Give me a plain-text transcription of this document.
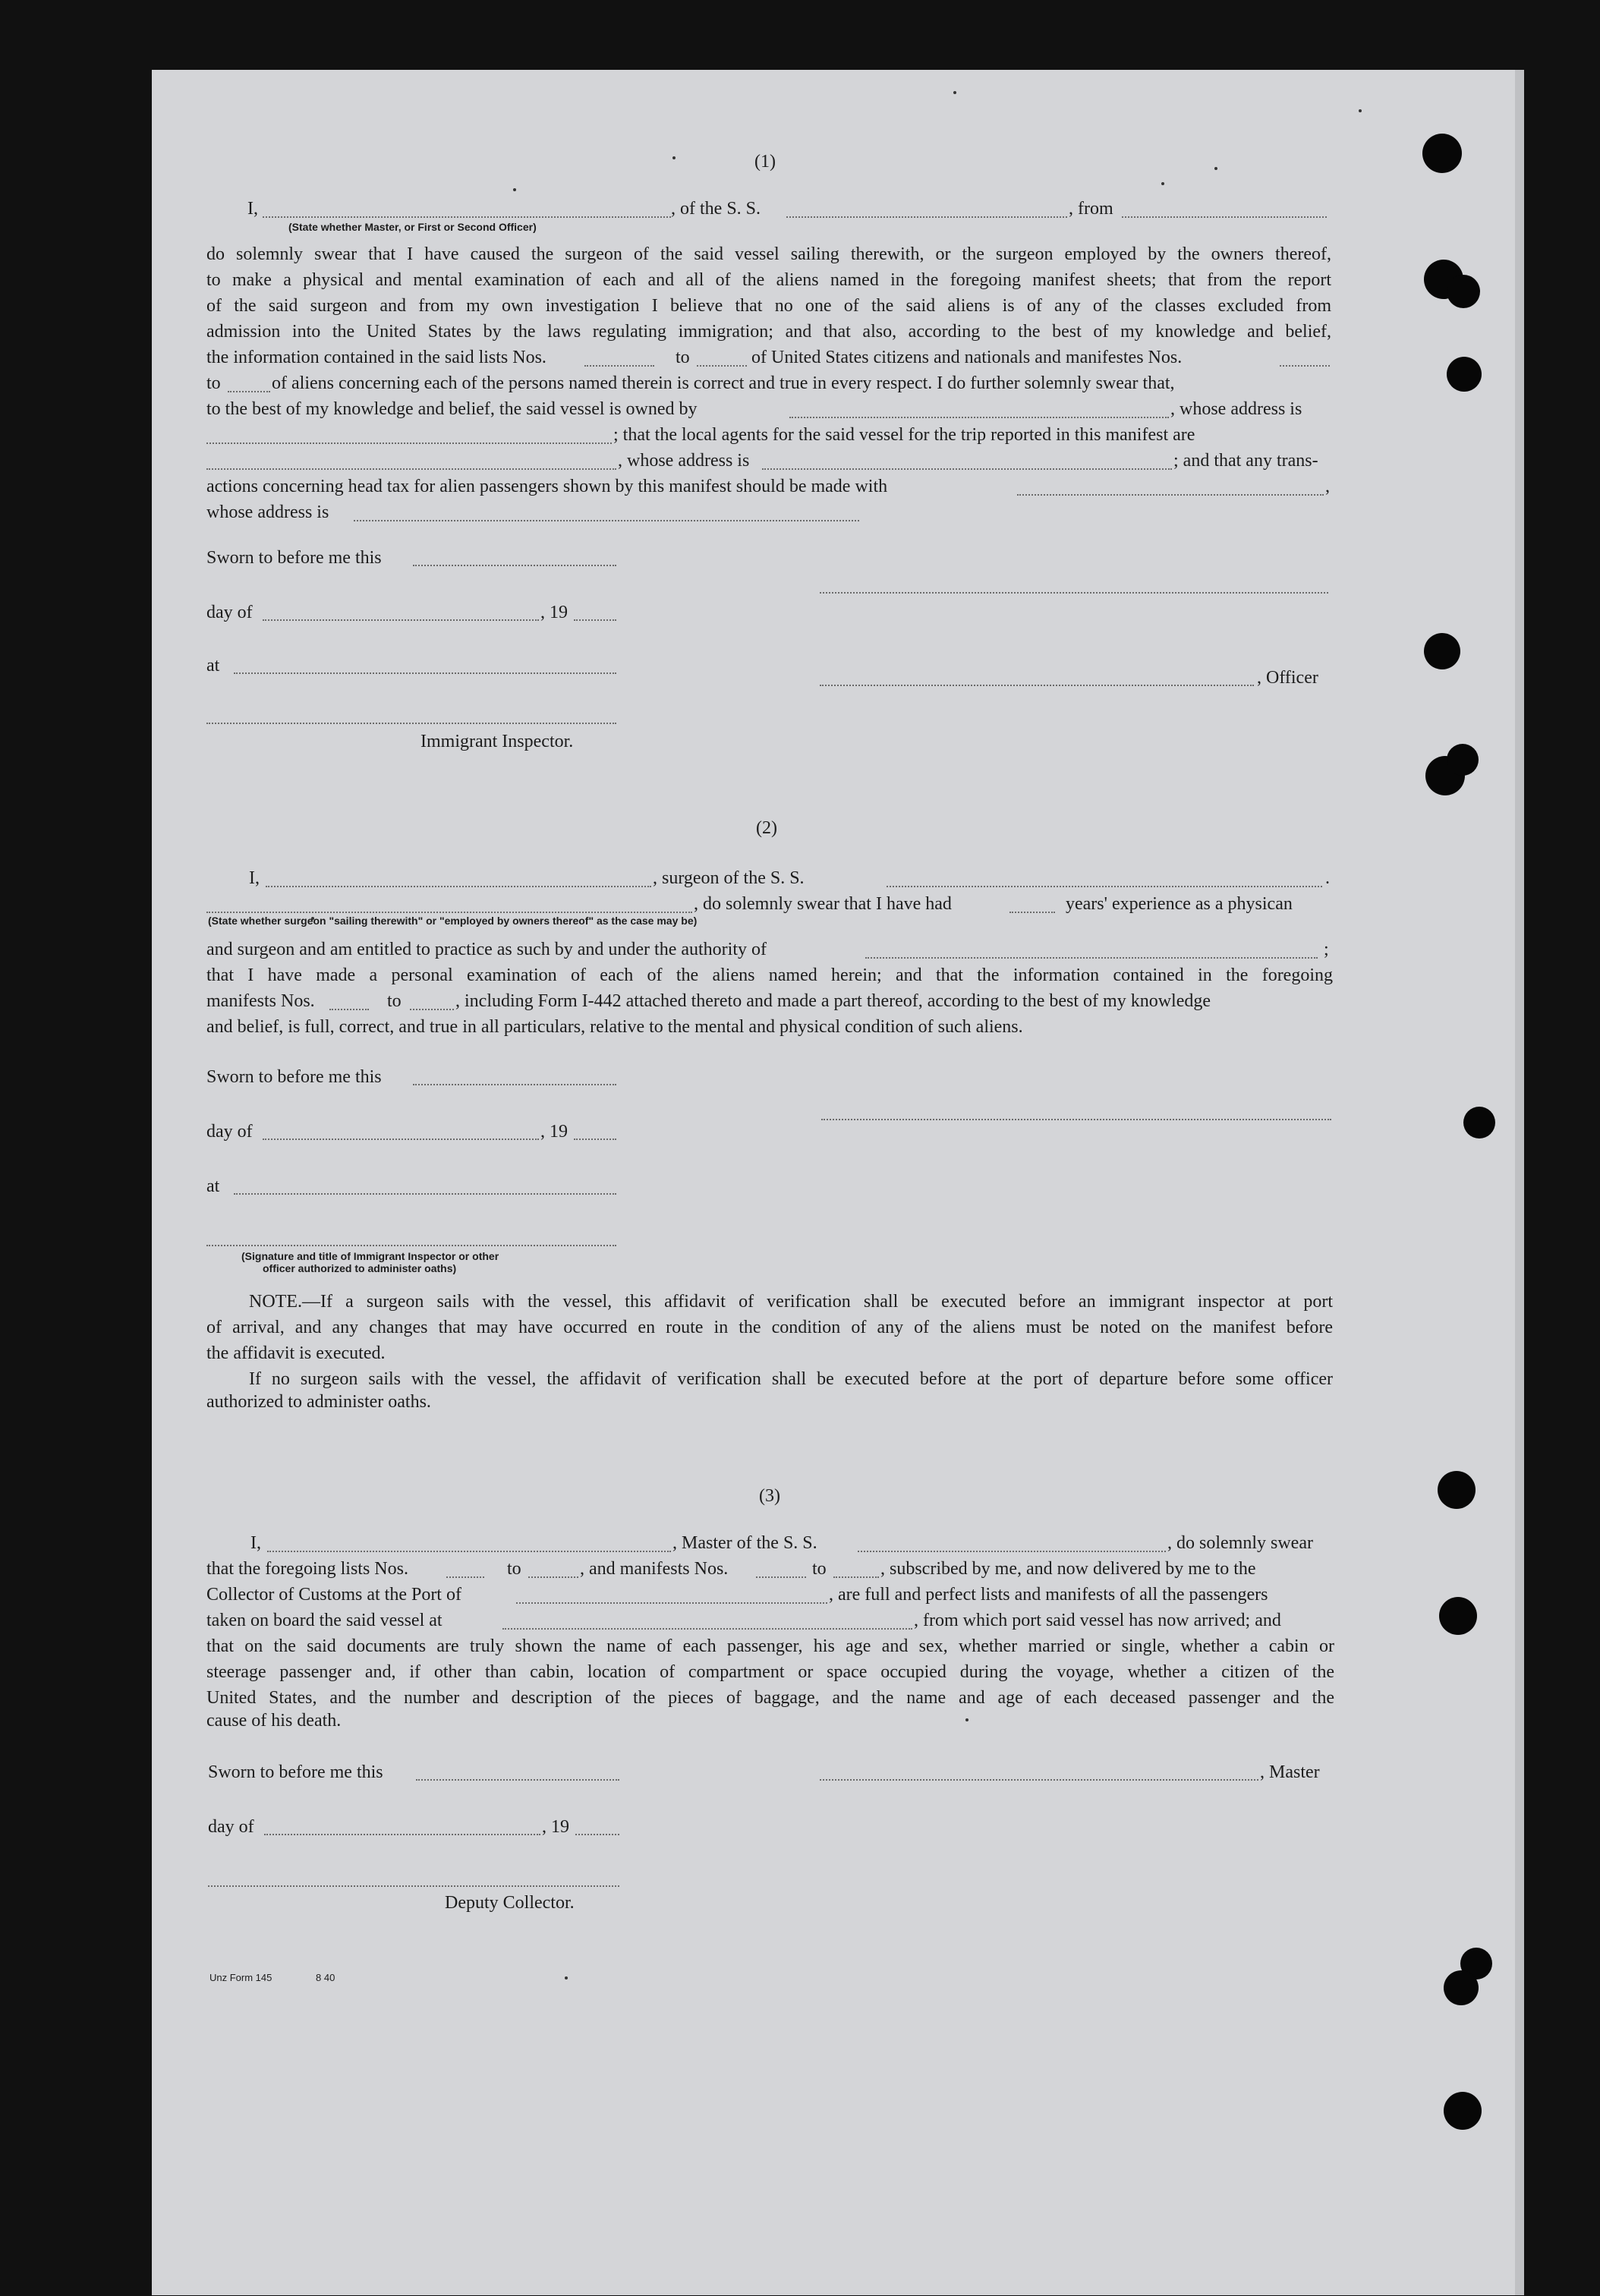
(1)
I,	, of the S. S.	, from
(State whether Master, or First or Second Officer)
do solemnly swear that I have caused the surgeon of the said vessel sailing therewith, or the surgeon employed by the owners thereof,
to make a physical and mental examination of each and all of the aliens named in the foregoing manifest sheets; that from the report
of the said surgeon and from my own investigation I believe that no one of the said aliens is of any of the classes excluded from
admission into the United States by the laws regulating immigration; and that also, according to the best of my knowledge and belief,
the information contained in the said lists Nos.	to	of United States citizens and nationals and manifestes Nos.
to	of aliens concerning each of the persons named therein is correct and true in every respect. I do further solemnly swear that,
to the best of my knowledge and belief, the said vessel is owned by	, whose address is
; that the local agents for the said vessel for the trip reported in this manifest are
, whose address is	; and that any trans-
actions concerning head tax for alien passengers shown by this manifest should be made with	,
whose address is
Sworn to before me this
day of	, 19
at
, Officer
Immigrant Inspector.
(2)
I,	, surgeon of the S. S.	.
, do solemnly swear that I have had	years' experience as a physican
(State whether surgeon "sailing therewith" or "employed by owners thereof" as the case may be)
and surgeon and am entitled to practice as such by and under the authority of	;
that I have made a personal examination of each of the aliens named herein; and that the information contained in the foregoing
manifests Nos.	to	, including Form I-442 attached thereto and made a part thereof, according to the best of my knowledge
and belief, is full, correct, and true in all particulars, relative to the mental and physical condition of such aliens.
Sworn to before me this
day of	, 19
at
(Signature and title of Immigrant Inspector or other
officer authorized to administer oaths)
NOTE.—If a surgeon sails with the vessel, this affidavit of verification shall be executed before an immigrant inspector at port
of arrival, and any changes that may have occurred en route in the condition of any of the aliens must be noted on the manifest before
the affidavit is executed.
If no surgeon sails with the vessel, the affidavit of verification shall be executed before at the port of departure before some officer
authorized to administer oaths.
(3)
I,	, Master of the S. S.	, do solemnly swear
that the foregoing lists Nos.	to	, and manifests Nos.	to	, subscribed by me, and now delivered by me to the
Collector of Customs at the Port of	, are full and perfect lists and manifests of all the passengers
taken on board the said vessel at	, from which port said vessel has now arrived; and
that on the said documents are truly shown the name of each passenger, his age and sex, whether married or single, whether a cabin or
steerage passenger and, if other than cabin, location of compartment or space occupied during the voyage, whether a citizen of the
United States, and the number and description of the pieces of baggage, and the name and age of each deceased passenger and the
cause of his death.
Sworn to before me this	, Master
day of	, 19
Deputy Collector.
Unz Form 145	8 40
